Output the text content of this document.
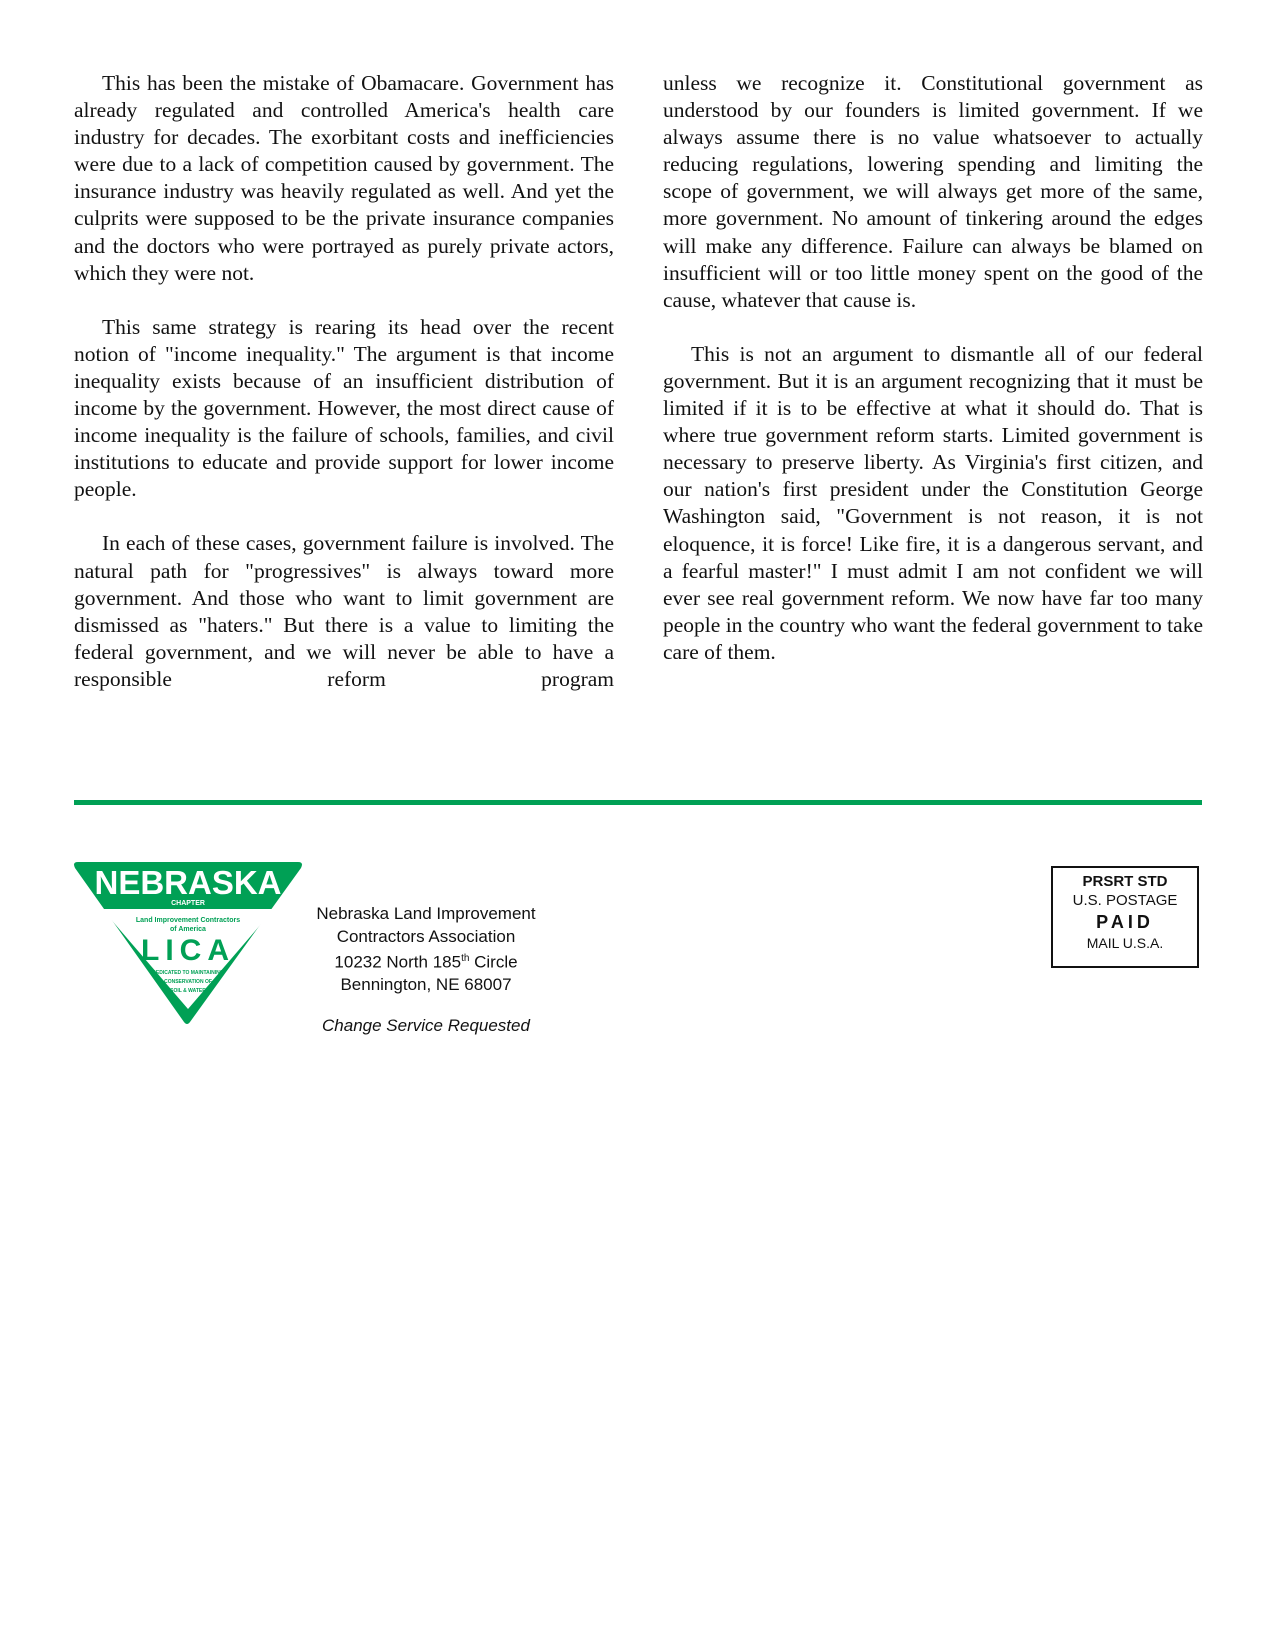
This has been the mistake of Obamacare. Government has already regulated and controlled America's health care industry for decades. The exorbitant costs and inefficiencies were due to a lack of competition caused by government. The insurance industry was heavily regulated as well. And yet the culprits were supposed to be the private insurance companies and the doctors who were portrayed as purely private actors, which they were not.

This same strategy is rearing its head over the recent notion of "income inequality." The argument is that income inequality exists because of an insufficient distribution of income by the government. However, the most direct cause of income inequality is the failure of schools, families, and civil institutions to educate and provide support for lower income people.

In each of these cases, government failure is involved. The natural path for "progressives" is always toward more government. And those who want to limit government are dismissed as "haters." But there is a value to limiting the federal government, and we will never be able to have a responsible reform program

unless we recognize it. Constitutional government as understood by our founders is limited government. If we always assume there is no value whatsoever to actually reducing regulations, lowering spending and limiting the scope of government, we will always get more of the same, more government. No amount of tinkering around the edges will make any difference. Failure can always be blamed on insufficient will or too little money spent on the good of the cause, whatever that cause is.

This is not an argument to dismantle all of our federal government. But it is an argument recognizing that it must be limited if it is to be effective at what it should do. That is where true government reform starts. Limited government is necessary to preserve liberty. As Virginia's first citizen, and our nation's first president under the Constitution George Washington said, "Government is not reason, it is not eloquence, it is force! Like fire, it is a dangerous servant, and a fearful master!" I must admit I am not confident we will ever see real government reform. We now have far too many people in the country who want the federal government to take care of them.

NEBRASKA
CHAPTER
Land Improvement Contractors
of America
LICA
DEDICATED TO MAINTAINING
CONSERVATION OF
SOIL & WATER
Nebraska Land Improvement
Contractors Association
10232 North 185th Circle
Bennington, NE 68007
Change Service Requested
PRSRT STD
U.S. POSTAGE
PAID
MAIL U.S.A.
